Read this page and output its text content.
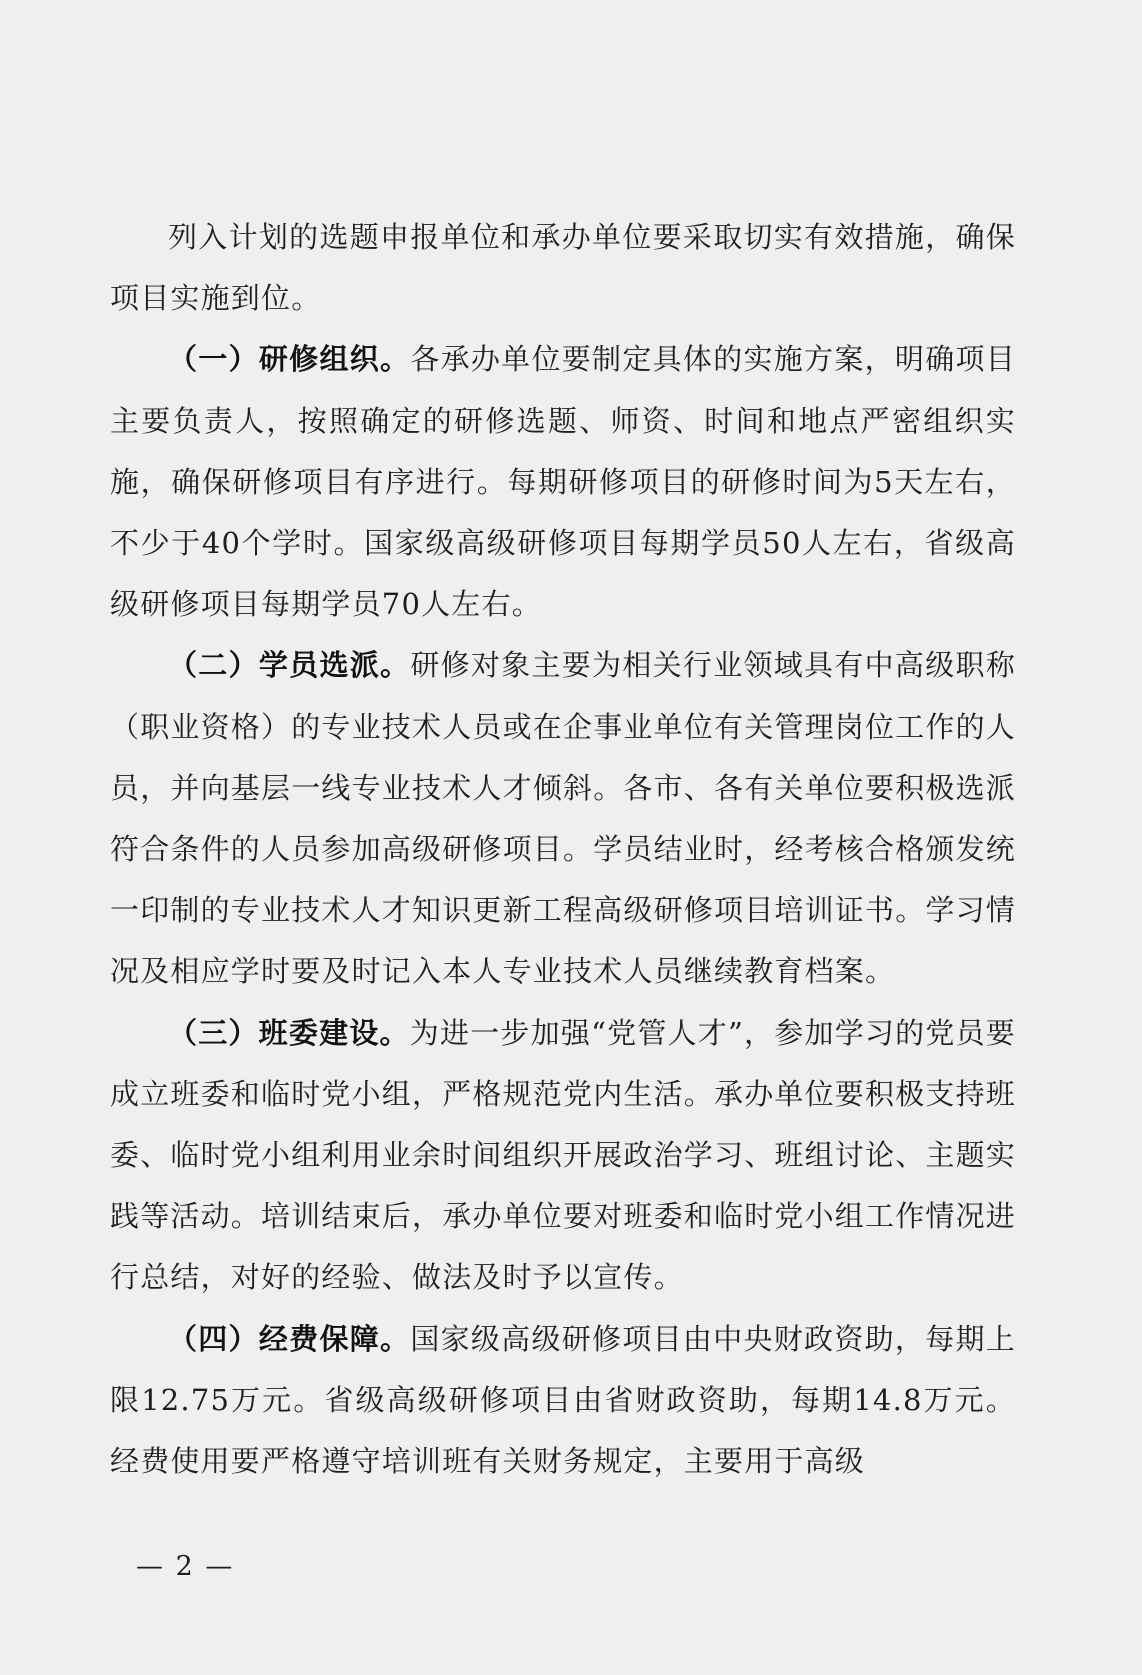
列入计划的选题申报单位和承办单位要采取切实有效措施，确保项目实施到位。

（一）研修组织。各承办单位要制定具体的实施方案，明确项目主要负责人，按照确定的研修选题、师资、时间和地点严密组织实施，确保研修项目有序进行。每期研修项目的研修时间为5天左右，不少于40个学时。国家级高级研修项目每期学员50人左右，省级高级研修项目每期学员70人左右。

（二）学员选派。研修对象主要为相关行业领域具有中高级职称（职业资格）的专业技术人员或在企事业单位有关管理岗位工作的人员，并向基层一线专业技术人才倾斜。各市、各有关单位要积极选派符合条件的人员参加高级研修项目。学员结业时，经考核合格颁发统一印制的专业技术人才知识更新工程高级研修项目培训证书。学习情况及相应学时要及时记入本人专业技术人员继续教育档案。

（三）班委建设。为进一步加强“党管人才”，参加学习的党员要成立班委和临时党小组，严格规范党内生活。承办单位要积极支持班委、临时党小组利用业余时间组织开展政治学习、班组讨论、主题实践等活动。培训结束后，承办单位要对班委和临时党小组工作情况进行总结，对好的经验、做法及时予以宣传。

（四）经费保障。国家级高级研修项目由中央财政资助，每期上限12.75万元。省级高级研修项目由省财政资助，每期14.8万元。经费使用要严格遵守培训班有关财务规定，主要用于高级

— 2 —
